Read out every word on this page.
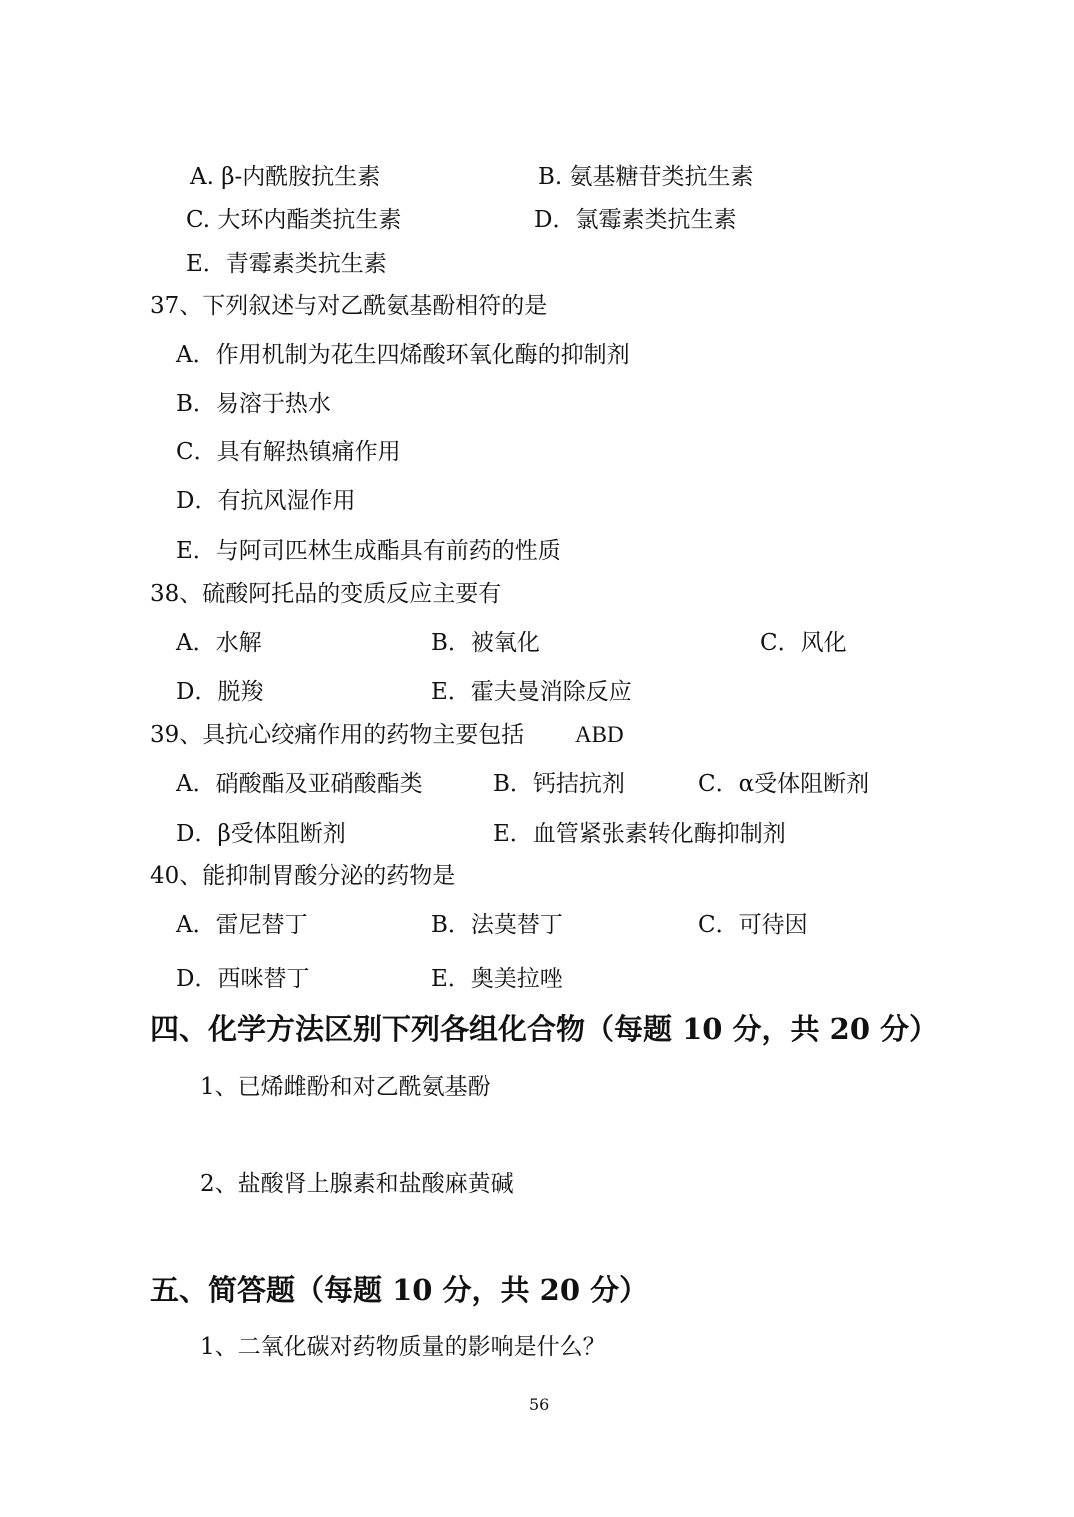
A. β-内酰胺抗生素	B. 氨基糖苷类抗生素
C. 大环内酯类抗生素	D．氯霉素类抗生素
E．青霉素类抗生素
37、下列叙述与对乙酰氨基酚相符的是
A．作用机制为花生四烯酸环氧化酶的抑制剂
B．易溶于热水
C．具有解热镇痛作用
D．有抗风湿作用
E．与阿司匹林生成酯具有前药的性质
38、硫酸阿托品的变质反应主要有
A．水解	B．被氧化	C．风化
D．脱羧	E．霍夫曼消除反应
39、具抗心绞痛作用的药物主要包括 ABD
A．硝酸酯及亚硝酸酯类	B．钙拮抗剂	C．α受体阻断剂
D．β受体阻断剂	E．血管紧张素转化酶抑制剂
40、能抑制胃酸分泌的药物是
A．雷尼替丁	B．法莫替丁	C．可待因
D．西咪替丁	E．奥美拉唑
四、化学方法区别下列各组化合物（每题 10 分，共 20 分）
1、已烯雌酚和对乙酰氨基酚
2、盐酸肾上腺素和盐酸麻黄碱
五、简答题（每题 10 分，共 20 分）
1、二氧化碳对药物质量的影响是什么？
56
